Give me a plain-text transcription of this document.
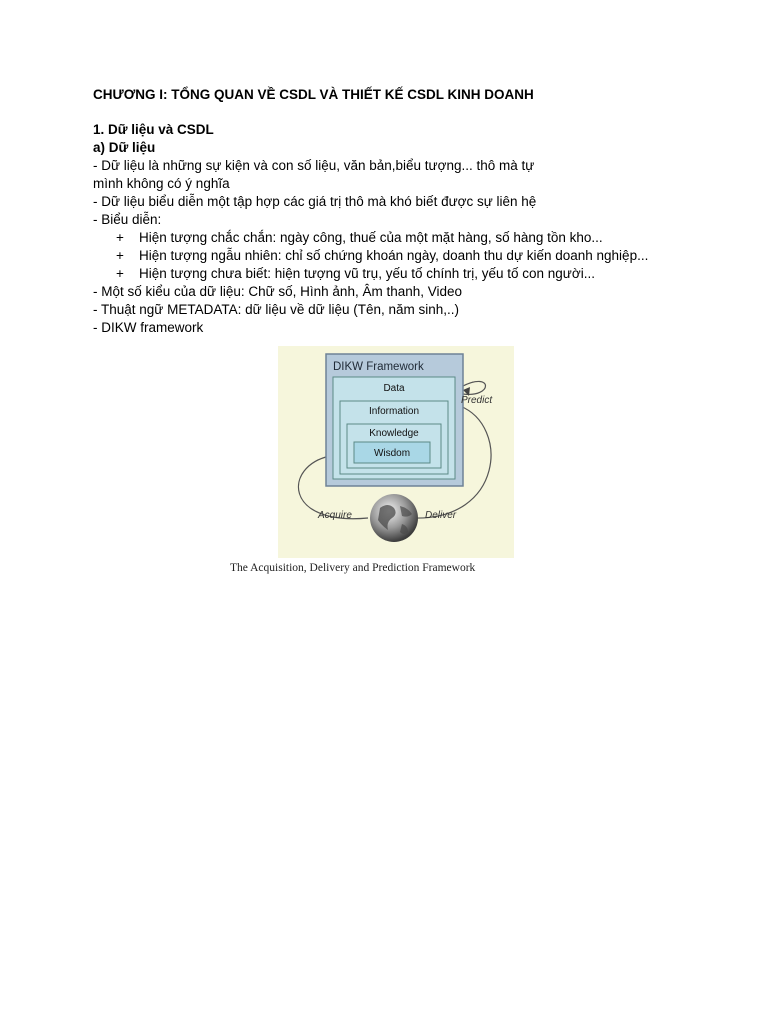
CHƯƠNG I: TỔNG QUAN VỀ CSDL VÀ THIẾT KẾ CSDL KINH DOANH

1. Dữ liệu và CSDL

a) Dữ liệu

- Dữ liệu là những sự kiện và con số liệu, văn bản,biểu tượng... thô mà tự

mình không có ý nghĩa

- Dữ liệu biểu diễn một tập hợp các giá trị thô mà khó biết được sự liên hệ

- Biểu diễn:

+ Hiện tượng chắc chắn: ngày công, thuế của một mặt hàng, số hàng tồn kho...
+ Hiện tượng ngẫu nhiên: chỉ số chứng khoán ngày, doanh thu dự kiến doanh nghiệp...
+ Hiện tượng chưa biết: hiện tượng vũ trụ, yếu tố chính trị, yếu tố con người...

- Một số kiểu của dữ liệu: Chữ số, Hình ảnh, Âm thanh, Video

- Thuật ngữ METADATA: dữ liệu về dữ liệu (Tên, năm sinh,..)

- DIKW framework

DIKW Framework
Data
Information
Knowledge
Wisdom
Predict
Acquire	Deliver
The Acquisition, Delivery and Prediction Framework
